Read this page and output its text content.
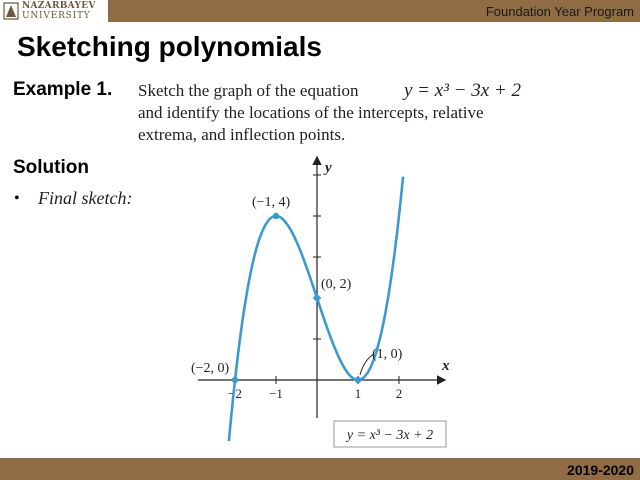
NAZARBAYEV
UNIVERSITY	Foundation Year Program
Sketching polynomials
Example 1. Sketch the graph of the equation	y = x³ − 3x + 2
and identify the locations of the intercepts, relative
extrema, and inflection points.
Solution
• Final sketch:
−2 −1	1	2
x
y
(−1, 4)
(0, 2)
(−2, 0)
(1, 0)
y = x³ − 3x + 2
2019-2020
